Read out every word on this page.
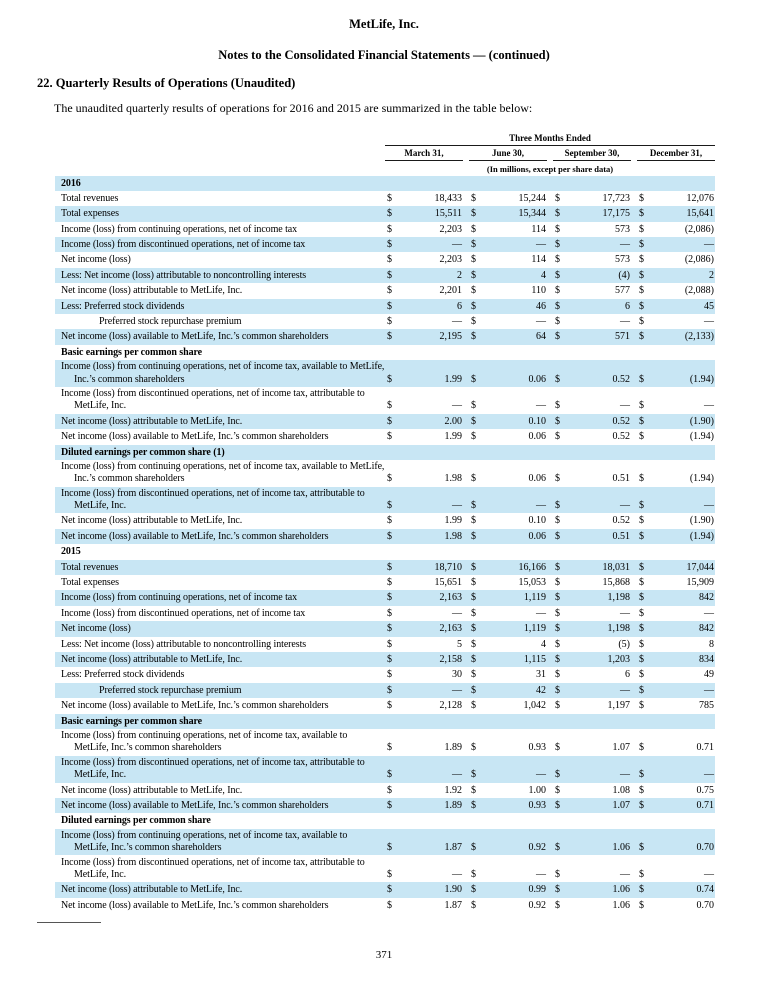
MetLife, Inc.
Notes to the Consolidated Financial Statements — (continued)
22. Quarterly Results of Operations (Unaudited)
The unaudited quarterly results of operations for 2016 and 2015 are summarized in the table below:
Three Months Ended
March 31,	June 30,	September 30,	December 31,
(In millions, except per share data)
2016
Total revenues	$	18,433 $	15,244 $	17,723 $	12,076
Total expenses	$	15,511 $	15,344 $	17,175 $	15,641
Income (loss) from continuing operations, net of income tax	$	2,203 $	114 $	573 $	(2,086)
Income (loss) from discontinued operations, net of income tax	$	— $	— $	— $	—
Net income (loss)	$	2,203 $	114 $	573 $	(2,086)
Less: Net income (loss) attributable to noncontrolling interests	$	2 $	4 $	(4) $	2
Net income (loss) attributable to MetLife, Inc.	$	2,201 $	110 $	577 $	(2,088)
Less: Preferred stock dividends	$	6 $	46 $	6 $	45
Preferred stock repurchase premium	$	— $	— $	— $	—
Net income (loss) available to MetLife, Inc.’s common shareholders	$	2,195 $	64 $	571 $	(2,133)
Basic earnings per common share
Income (loss) from continuing operations, net of income tax, available to MetLife,
Inc.’s common shareholders	$	1.99 $	0.06 $	0.52 $	(1.94)
Income (loss) from discontinued operations, net of income tax, attributable to
MetLife, Inc.	$	— $	— $	— $	—
Net income (loss) attributable to MetLife, Inc.	$	2.00 $	0.10 $	0.52 $	(1.90)
Net income (loss) available to MetLife, Inc.’s common shareholders	$	1.99 $	0.06 $	0.52 $	(1.94)
Diluted earnings per common share (1)
Income (loss) from continuing operations, net of income tax, available to MetLife,
Inc.’s common shareholders	$	1.98 $	0.06 $	0.51 $	(1.94)
Income (loss) from discontinued operations, net of income tax, attributable to
MetLife, Inc.	$	— $	— $	— $	—
Net income (loss) attributable to MetLife, Inc.	$	1.99 $	0.10 $	0.52 $	(1.90)
Net income (loss) available to MetLife, Inc.’s common shareholders	$	1.98 $	0.06 $	0.51 $	(1.94)
2015
Total revenues	$	18,710 $	16,166 $	18,031 $	17,044
Total expenses	$	15,651 $	15,053 $	15,868 $	15,909
Income (loss) from continuing operations, net of income tax	$	2,163 $	1,119 $	1,198 $	842
Income (loss) from discontinued operations, net of income tax	$	— $	— $	— $	—
Net income (loss)	$	2,163 $	1,119 $	1,198 $	842
Less: Net income (loss) attributable to noncontrolling interests	$	5 $	4 $	(5) $	8
Net income (loss) attributable to MetLife, Inc.	$	2,158 $	1,115 $	1,203 $	834
Less: Preferred stock dividends	$	30 $	31 $	6 $	49
Preferred stock repurchase premium	$	— $	42 $	— $	—
Net income (loss) available to MetLife, Inc.’s common shareholders	$	2,128 $	1,042 $	1,197 $	785
Basic earnings per common share
Income (loss) from continuing operations, net of income tax, available to
MetLife, Inc.’s common shareholders	$	1.89 $	0.93 $	1.07 $	0.71
Income (loss) from discontinued operations, net of income tax, attributable to
MetLife, Inc.	$	— $	— $	— $	—
Net income (loss) attributable to MetLife, Inc.	$	1.92 $	1.00 $	1.08 $	0.75
Net income (loss) available to MetLife, Inc.’s common shareholders	$	1.89 $	0.93 $	1.07 $	0.71
Diluted earnings per common share
Income (loss) from continuing operations, net of income tax, available to
MetLife, Inc.’s common shareholders	$	1.87 $	0.92 $	1.06 $	0.70
Income (loss) from discontinued operations, net of income tax, attributable to
MetLife, Inc.	$	— $	— $	— $	—
Net income (loss) attributable to MetLife, Inc.	$	1.90 $	0.99 $	1.06 $	0.74
Net income (loss) available to MetLife, Inc.’s common shareholders	$	1.87 $	0.92 $	1.06 $	0.70
371
